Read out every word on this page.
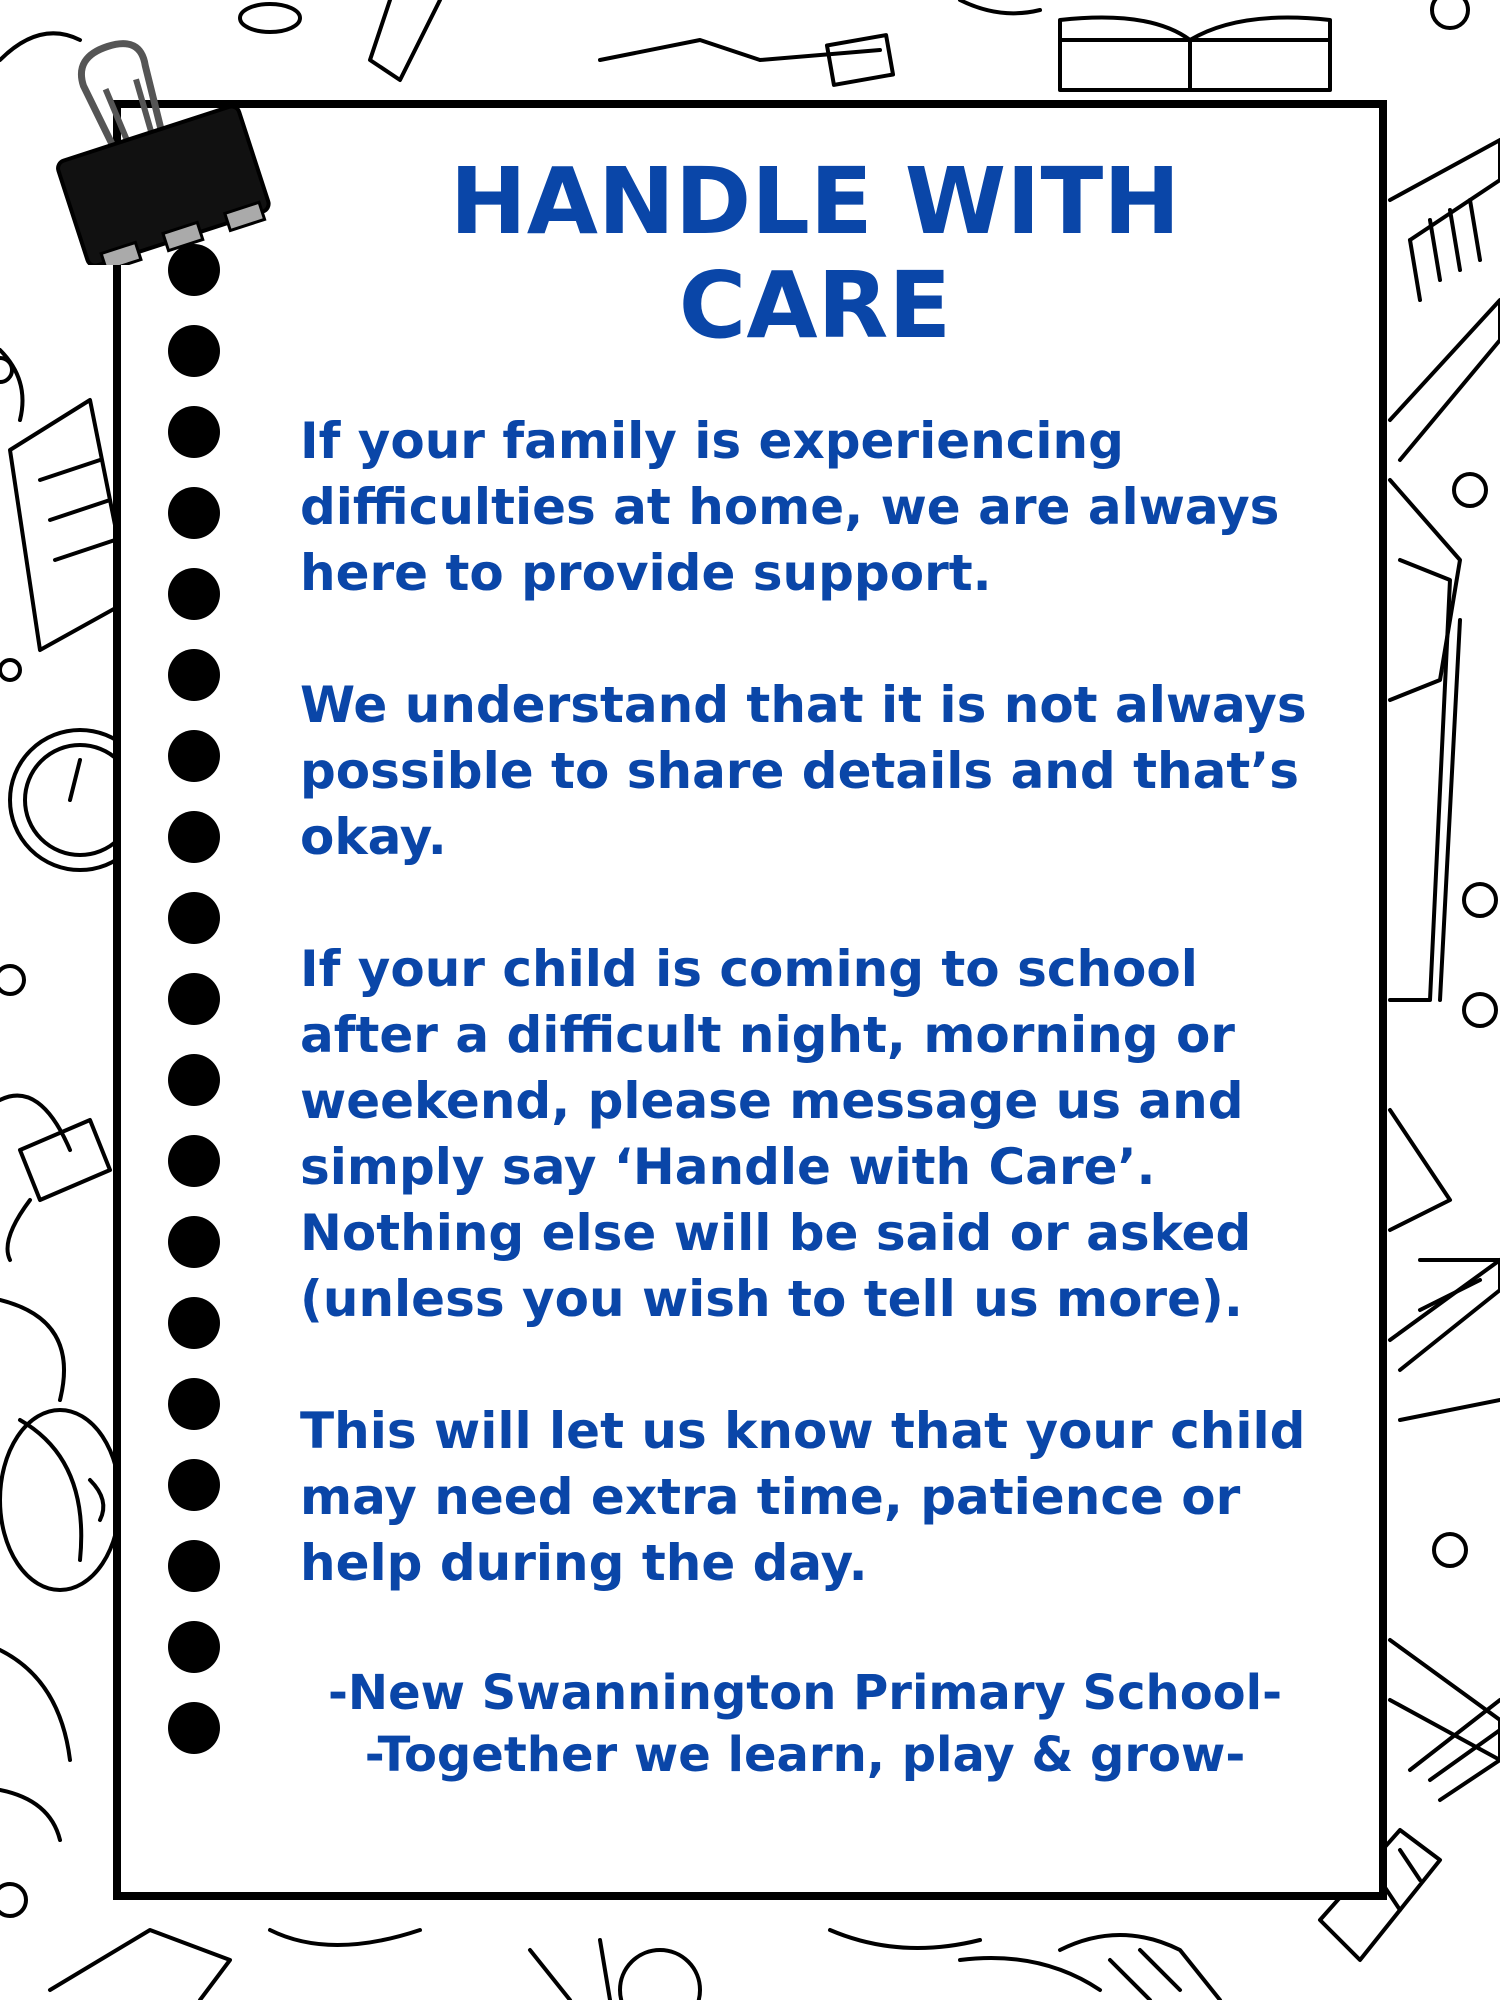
HANDLE WITH
CARE

If your family is experiencing difficulties at home, we are always here to provide support.

We understand that it is not always possible to share details and that’s okay.

If your child is coming to school after a difficult night, morning or weekend, please message us and simply say ‘Handle with Care’. Nothing else will be said or asked (unless you wish to tell us more).

This will let us know that your child may need extra time, patience or help during the day.

-New Swannington Primary School-

-Together we learn, play & grow-
